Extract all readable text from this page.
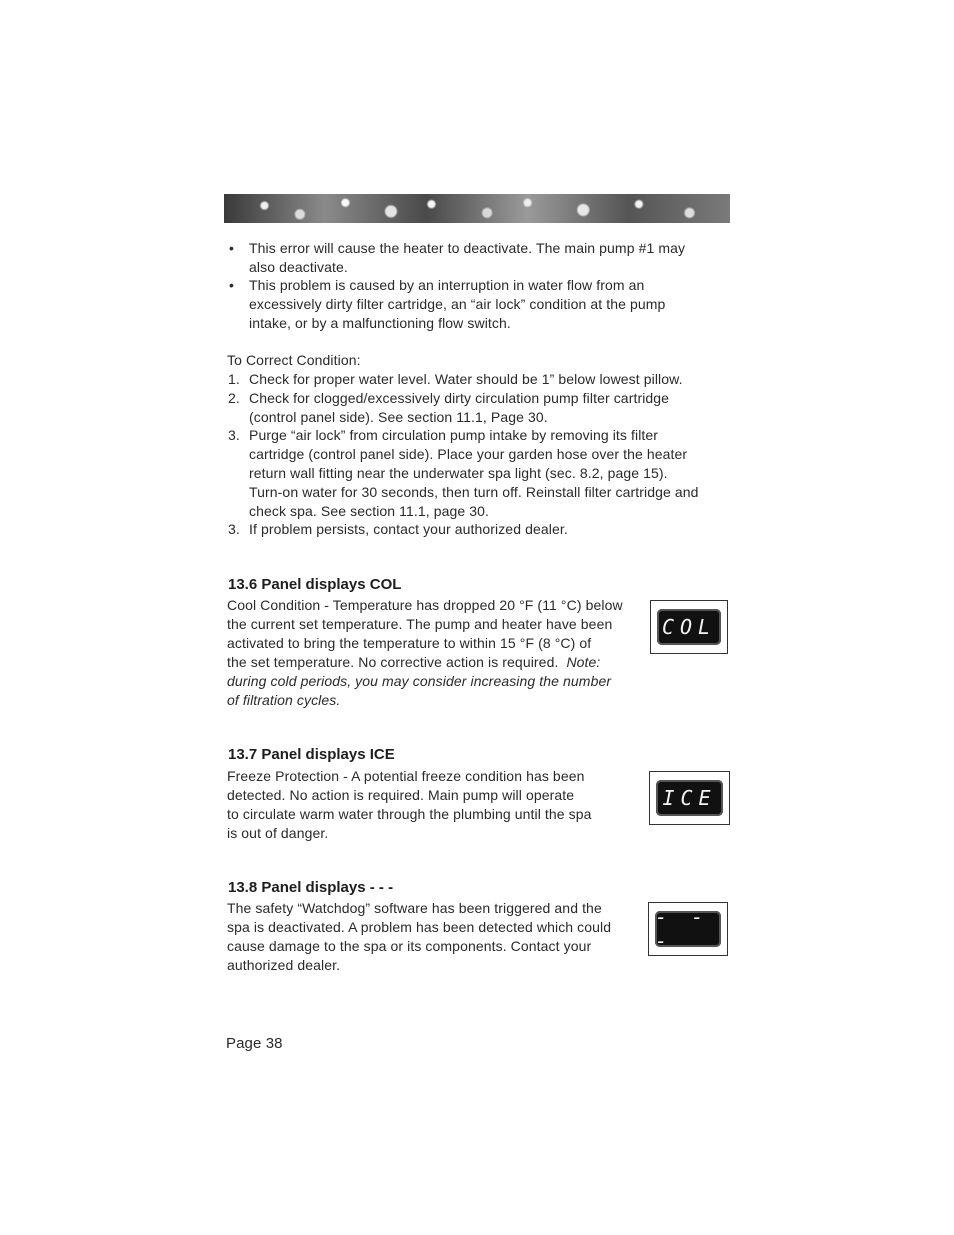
• This error will cause the heater to deactivate. The main pump #1 may
also deactivate.
• This problem is caused by an interruption in water flow from an
excessively dirty filter cartridge, an “air lock” condition at the pump
intake, or by a malfunctioning flow switch.
To Correct Condition:
1. Check for proper water level. Water should be 1” below lowest pillow.
2. Check for clogged/excessively dirty circulation pump filter cartridge
(control panel side). See section 11.1, Page 30.
3. Purge “air lock” from circulation pump intake by removing its filter
cartridge (control panel side). Place your garden hose over the heater
return wall fitting near the underwater spa light (sec. 8.2, page 15).
Turn-on water for 30 seconds, then turn off. Reinstall filter cartridge and
check spa. See section 11.1, page 30.
3. If problem persists, contact your authorized dealer.
13.6 Panel displays COL
Cool Condition - Temperature has dropped 20 °F (11 °C) below
the current set temperature. The pump and heater have been
activated to bring the temperature to within 15 °F (8 °C) of
the set temperature. No corrective action is required. Note:
during cold periods, you may consider increasing the number
of filtration cycles.
COL
13.7 Panel displays ICE
Freeze Protection - A potential freeze condition has been
detected. No action is required. Main pump will operate
to circulate warm water through the plumbing until the spa
is out of danger.
ICE
13.8 Panel displays - - -
The safety “Watchdog” software has been triggered and the
spa is deactivated. A problem has been detected which could
cause damage to the spa or its components. Contact your
authorized dealer.
- - -
Page 38
